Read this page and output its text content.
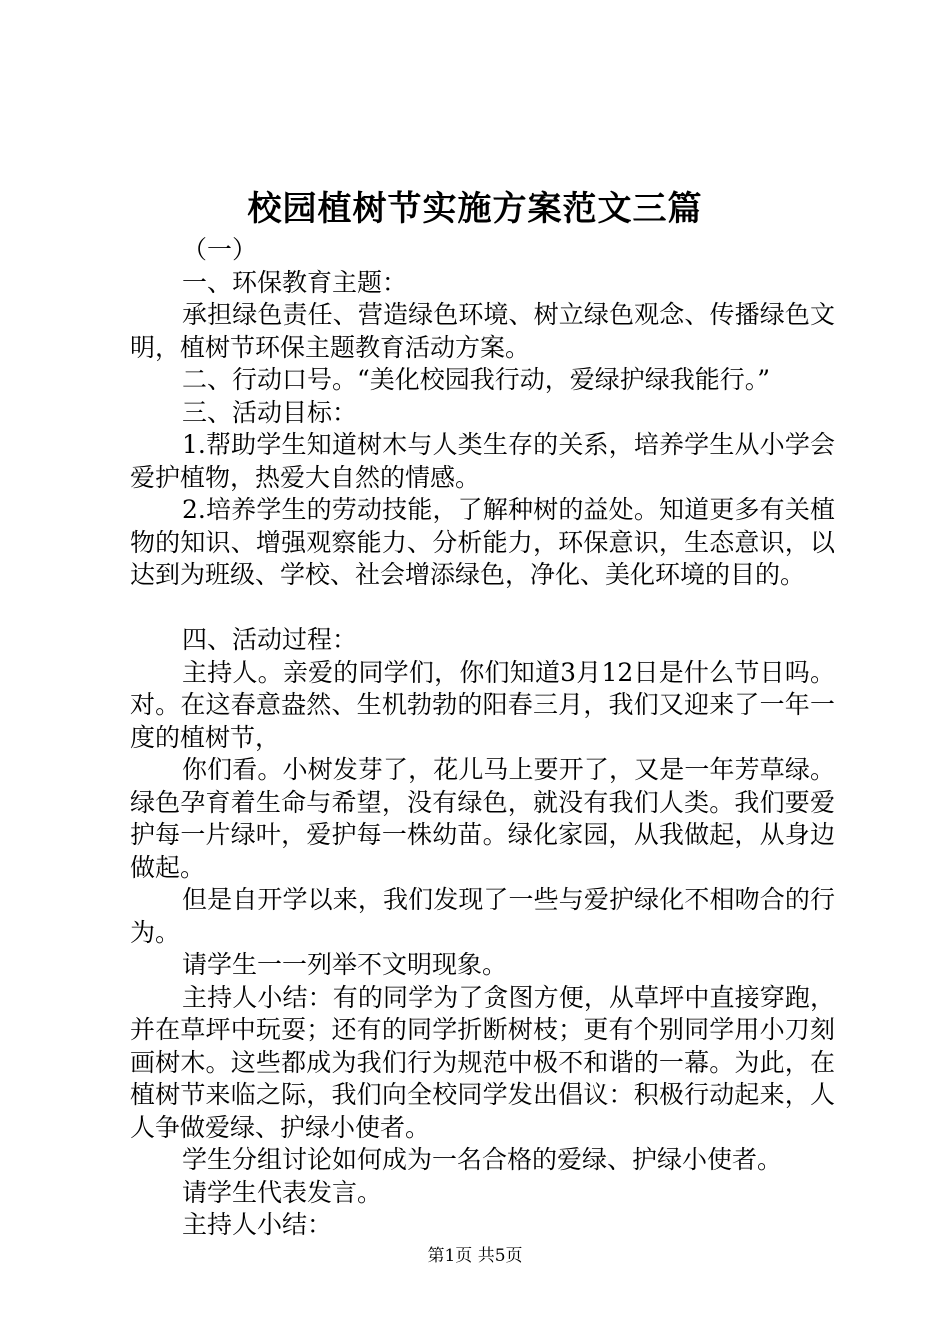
校园植树节实施方案范文三篇

（一）

一、环保教育主题：

承担绿色责任、营造绿色环境、树立绿色观念、传播绿色文明，植树节环保主题教育活动方案。

二、行动口号。“美化校园我行动，爱绿护绿我能行。”

三、活动目标：

1.帮助学生知道树木与人类生存的关系，培养学生从小学会爱护植物，热爱大自然的情感。

2.培养学生的劳动技能，了解种树的益处。知道更多有关植物的知识、增强观察能力、分析能力，环保意识，生态意识，以达到为班级、学校、社会增添绿色，净化、美化环境的目的。

四、活动过程：

主持人。亲爱的同学们，你们知道3月12日是什么节日吗。对。在这春意盎然、生机勃勃的阳春三月，我们又迎来了一年一度的植树节，

你们看。小树发芽了，花儿马上要开了，又是一年芳草绿。绿色孕育着生命与希望，没有绿色，就没有我们人类。我们要爱护每一片绿叶，爱护每一株幼苗。绿化家园，从我做起，从身边做起。

但是自开学以来，我们发现了一些与爱护绿化不相吻合的行为。

请学生一一列举不文明现象。

主持人小结：有的同学为了贪图方便，从草坪中直接穿跑，并在草坪中玩耍；还有的同学折断树枝；更有个别同学用小刀刻画树木。这些都成为我们行为规范中极不和谐的一幕。为此，在植树节来临之际，我们向全校同学发出倡议：积极行动起来，人人争做爱绿、护绿小使者。

学生分组讨论如何成为一名合格的爱绿、护绿小使者。

请学生代表发言。

主持人小结：

第1页 共5页
